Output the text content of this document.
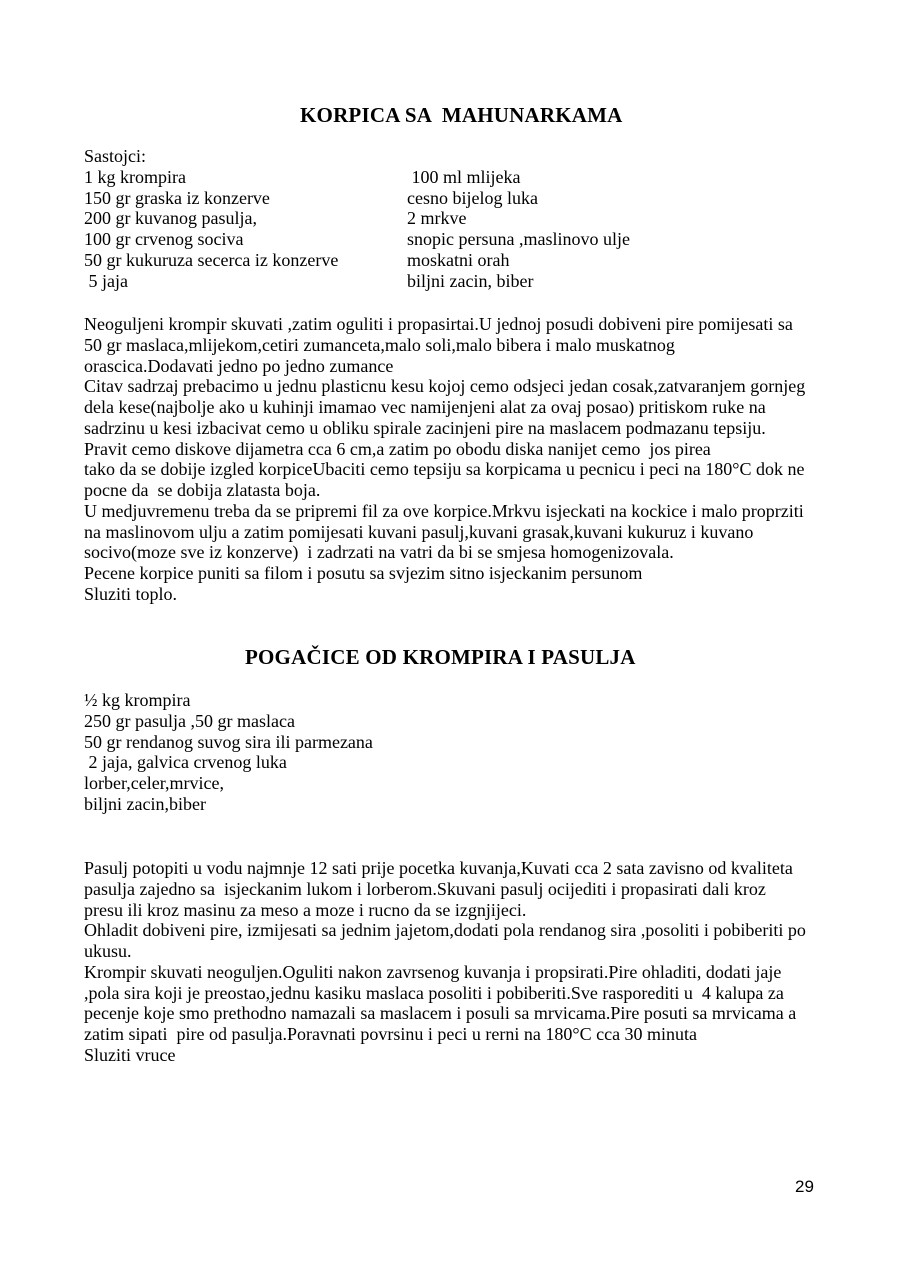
KORPICA SA  MAHUNARKAMA
Sastojci:
1 kg krompira
150 gr graska iz konzerve
200 gr kuvanog pasulja,
100 gr crvenog sociva
50 gr kukuruza secerca iz konzerve
5 jaja
100 ml mlijeka
cesno bijelog luka
2 mrkve
snopic persuna ,maslinovo ulje
moskatni orah
biljni zacin, biber
Neoguljeni krompir skuvati ,zatim oguliti i propasirtai.U jednoj posudi dobiveni pire pomijesati sa
50 gr maslaca,mlijekom,cetiri zumanceta,malo soli,malo bibera i malo muskatnog
orascica.Dodavati jedno po jedno zumance
Citav sadrzaj prebacimo u jednu plasticnu kesu kojoj cemo odsjeci jedan cosak,zatvaranjem gornjeg
dela kese(najbolje ako u kuhinji imamao vec namijenjeni alat za ovaj posao) pritiskom ruke na
sadrzinu u kesi izbacivat cemo u obliku spirale zacinjeni pire na maslacem podmazanu tepsiju.
Pravit cemo diskove dijametra cca 6 cm,a zatim po obodu diska nanijet cemo  jos pirea
tako da se dobije izgled korpiceUbaciti cemo tepsiju sa korpicama u pecnicu i peci na 180°C dok ne
pocne da  se dobija zlatasta boja.
U medjuvremenu treba da se pripremi fil za ove korpice.Mrkvu isjeckati na kockice i malo proprziti
na maslinovom ulju a zatim pomijesati kuvani pasulj,kuvani grasak,kuvani kukuruz i kuvano
socivo(moze sve iz konzerve)  i zadrzati na vatri da bi se smjesa homogenizovala.
Pecene korpice puniti sa filom i posutu sa svjezim sitno isjeckanim persunom
Sluziti toplo.
POGAČICE OD KROMPIRA I PASULJA
½ kg krompira
250 gr pasulja ,50 gr maslaca
50 gr rendanog suvog sira ili parmezana
2 jaja, galvica crvenog luka
lorber,celer,mrvice,
biljni zacin,biber
Pasulj potopiti u vodu najmnje 12 sati prije pocetka kuvanja,Kuvati cca 2 sata zavisno od kvaliteta
pasulja zajedno sa  isjeckanim lukom i lorberom.Skuvani pasulj ocijediti i propasirati dali kroz
presu ili kroz masinu za meso a moze i rucno da se izgnjijeci.
Ohladit dobiveni pire, izmijesati sa jednim jajetom,dodati pola rendanog sira ,posoliti i pobiberiti po
ukusu.
Krompir skuvati neoguljen.Oguliti nakon zavrsenog kuvanja i propsirati.Pire ohladiti, dodati jaje
,pola sira koji je preostao,jednu kasiku maslaca posoliti i pobiberiti.Sve rasporediti u  4 kalupa za
pecenje koje smo prethodno namazali sa maslacem i posuli sa mrvicama.Pire posuti sa mrvicama a
zatim sipati  pire od pasulja.Poravnati povrsinu i peci u rerni na 180°C cca 30 minuta
Sluziti vruce
29
